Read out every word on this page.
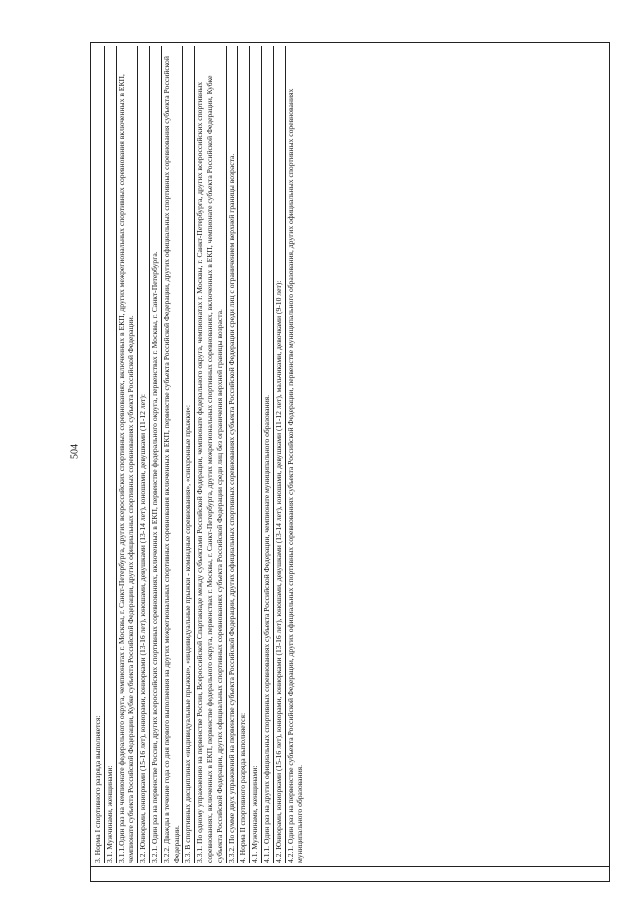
504
3. Норма I спортивного разряда выполняется: 3.1. Мужчинами, женщинами: 3.1.1.Один раз на чемпионате федерального округа, чемпионатах г. Москвы, г. Санкт-Петербурга, других всероссийских спортивных соревнованиях, включенных в ЕКП, других межрегиональных спортивных соревнования включенных в ЕКП, чемпионате субъекта Российской Федерации, Кубке субъекта Российской Федерации, других официальных спортивных соревнованиях субъекта Российской Федерации. 3.2. Юниорами, юниорками (15-16 лет), юниорами, юниорками (13-16 лет), юношами, девушками (13-14 лет), юношами, девушками (11-12 лет): 3.2.1. Один раз на первенстве России, других всероссийских спортивных соревнованиях, включенных в ЕКП, первенстве федерального округа, первенствах г. Москвы, г. Санкт-Петербурга. 3.2.2. Дважды в течение года со дня первого выполнения на других межрегиональных спортивных соревнования включенных в ЕКП, первенстве субъекта Российской Федерации, других официальных спортивных соревнования субъекта Российской Федерации. 3.3. В спортивных дисциплинах «индивидуальные прыжки», «индивидуальные прыжки - командные соревнования», «синхронные прыжки»: 3.3.1. По одному упражнению на первенстве России, Всероссийской Спартакиаде между субъектами Российской Федерации, чемпионате федерального округа, чемпионатах г. Москвы, г. Санкт-Петербурга, других всероссийских спортивных соревнованиях, включенных в ЕКП, первенстве федерального округа, первенствах г. Москвы, г. Санкт-Петербурга, других межрегиональных спортивных соревнованиях, включенных в ЕКП, чемпионате субъекта Российской Федерации, Кубке субъекта Российской Федерации, других официальных спортивных соревнованиях субъекта Российской Федерации среди лиц без ограничения верхней границы возраста. 3.3.2. По сумме двух упражнений на первенстве субъекта Российской Федерации, других официальных спортивных соревнованиях субъекта Российской Федерации среди лиц с ограничением верхней границы возраста. 4. Норма II спортивного разряда выполняется: 4.1. Мужчинами, женщинами: 4.1.1. Один раз на других официальных спортивных соревнованиях субъекта Российской Федерации, чемпионате муниципального образования. 4.2. Юниорами, юниорками (15-16 лет), юниорами, юниорками (13-16 лет), юношами, девушками (13-14 лет), юношами, девушками (11-12 лет), мальчиками, девочками (9-10 лет): 4.2.1. Один раз на первенстве субъекта Российской Федерации, других официальных спортивных соревнованиях субъекта Российской Федерации, первенстве муниципального образования, других официальных спортивных соревнованиях муниципального образования.
